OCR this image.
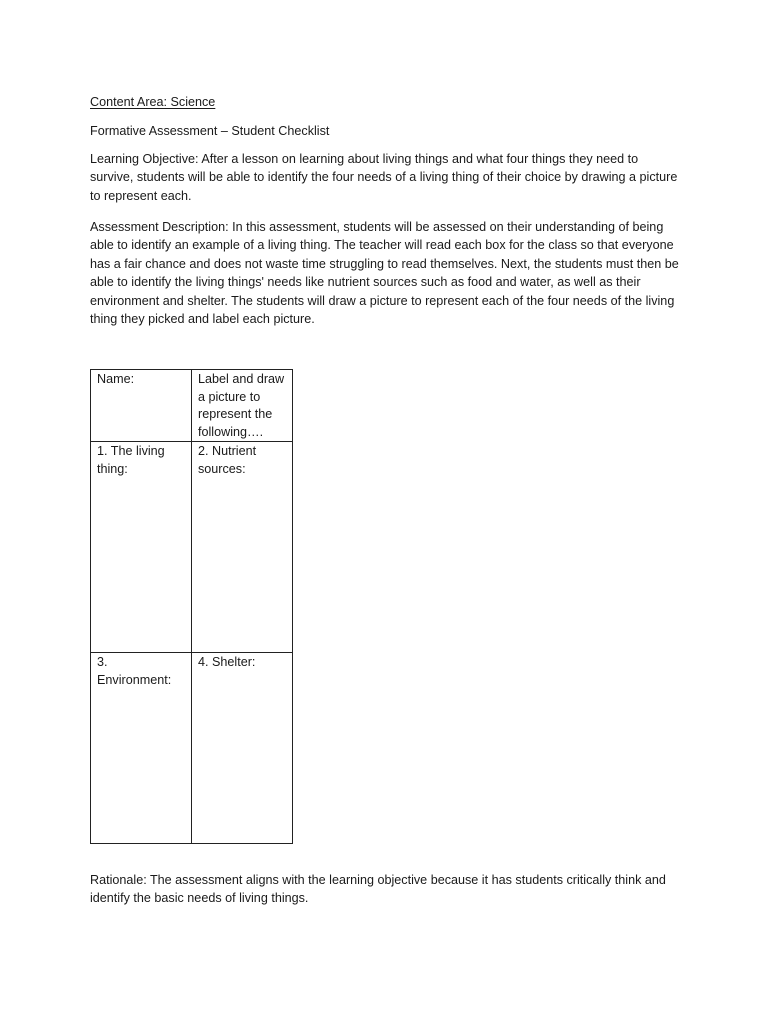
Content Area: Science

Formative Assessment – Student Checklist

Learning Objective: After a lesson on learning about living things and what four things they need to survive, students will be able to identify the four needs of a living thing of their choice by drawing a picture to represent each.

Assessment Description: In this assessment, students will be assessed on their understanding of being able to identify an example of a living thing. The teacher will read each box for the class so that everyone has a fair chance and does not waste time struggling to read themselves. Next, the students must then be able to identify the living things' needs like nutrient sources such as food and water, as well as their environment and shelter. The students will draw a picture to represent each of the four needs of the living thing they picked and label each picture.

Name:	Label and draw a picture to represent the following….
1. The living thing:	2. Nutrient sources:
3. Environment:	4. Shelter:

Rationale: The assessment aligns with the learning objective because it has students critically think and identify the basic needs of living things.
